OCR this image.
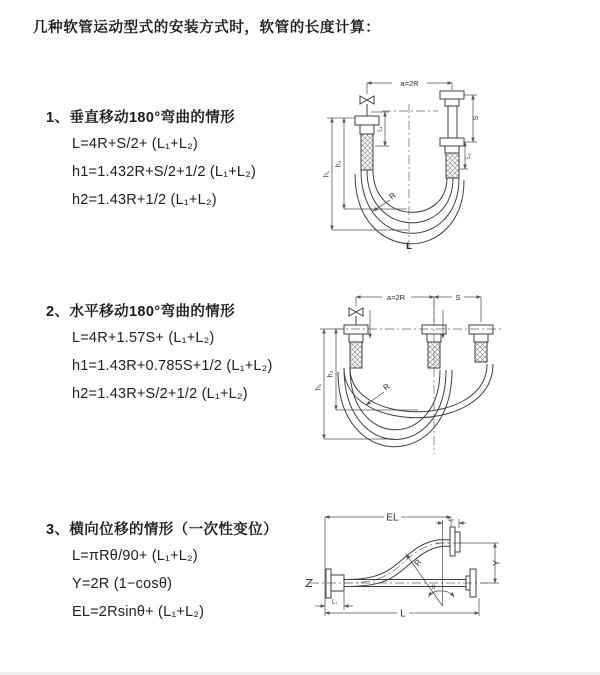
几种软管运动型式的安装方式时，软管的长度计算：
1、垂直移动180°弯曲的情形
L=4R+S/2+ (L₁+L₂)
h1=1.432R+S/2+1/2 (L₁+L₂)
h2=1.43R+1/2 (L₁+L₂)
2、水平移动180°弯曲的情形
L=4R+1.57S+ (L₁+L₂)
h1=1.43R+0.785S+1/2 (L₁+L₂)
h2=1.43R+S/2+1/2 (L₁+L₂)
3、横向位移的情形（一次性变位）
L=πRθ/90+ (L₁+L₂)
Y=2R (1−cosθ)
EL=2Rsinθ+ (L₁+L₂)
a=2R
h₁
h₂
L₁
S
L₂
R
L
a=2R	S
h₁
h₂
R
EL	L₂
Y
L
L₁
R
θ
